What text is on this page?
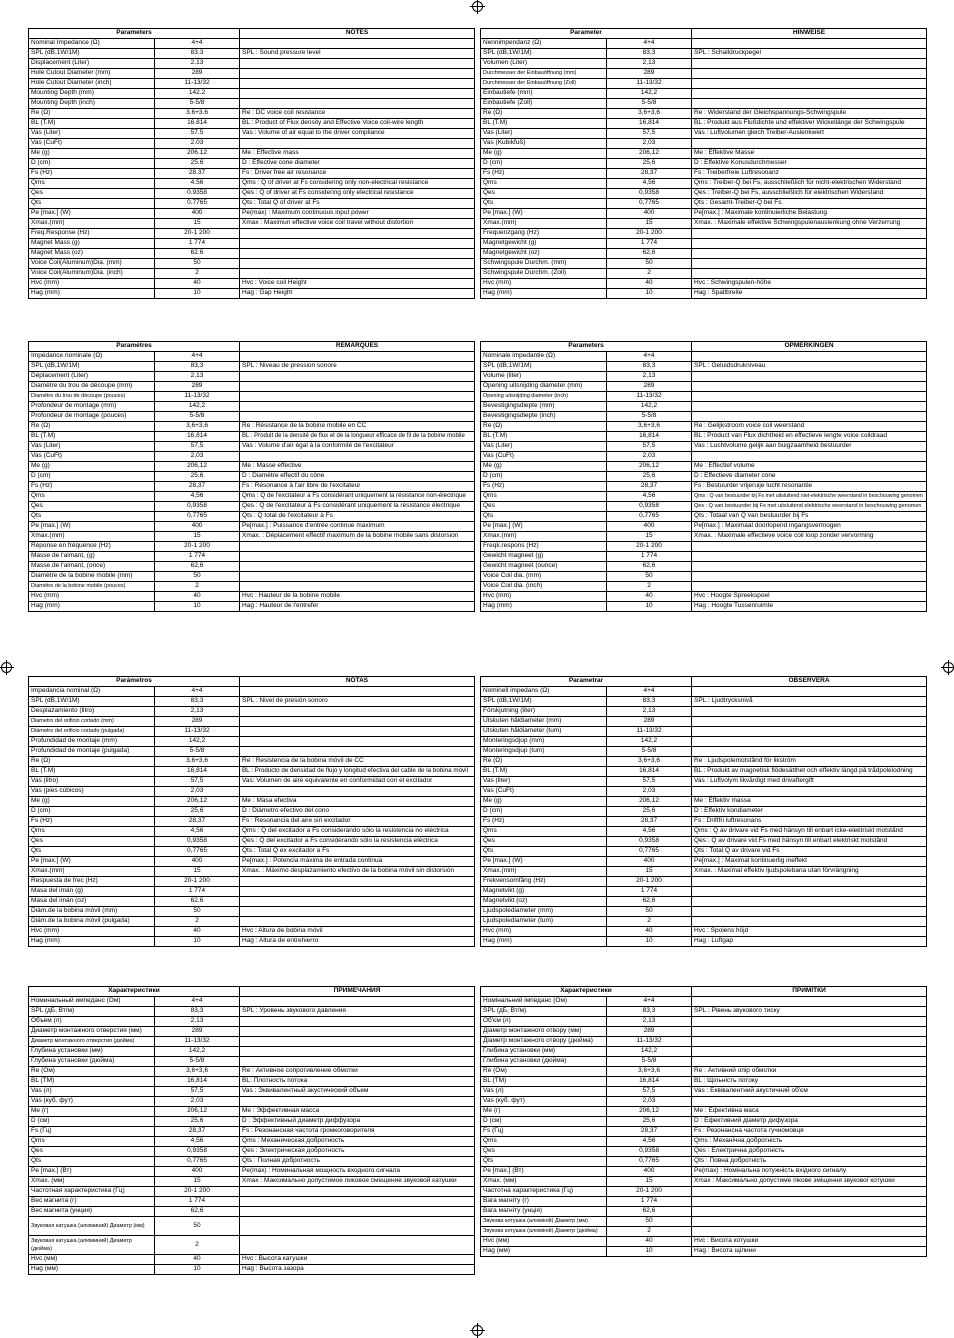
Parameters		NOTES
Nominal Impedance (Ω)	4+4	
SPL (dB,1W/1M)	83.3	SPL : Sound pressure level
Displacement (Liter)	2.13	
Hole Cutout Diameter (mm)	289	
Hole Cutout Diameter (inch)	11-13/32	
Mounting Depth (mm)	142.2	
Mounting Depth (inch)	5-5/8	
Re (Ω)	3.6+3.6	Re : DC voice coil resistance
BL (T.M)	16.814	BL : Product of Flux density and Effective Voice coil-wire length
Vas (Liter)	57.5	Vas : Volume of air equal to the driver compliance
Vas (CuFt)	2.03	
Me (g)	206.12	Me : Effective mass
D (cm)	25.6	D : Effective cone diameter
Fs (Hz)	28.37	Fs : Driver free air resonance
Qms	4.56	Qms : Q of driver at Fs considering only non-electrical resistance
Qes	0.9358	Qes : Q of driver at Fs considering only electrical resistance
Qts	0.7765	Qts : Total Q of driver at Fs
Pe [max.] (W)	400	Pe(max) : Maximum continuous input power
Xmax.(mm)	15	Xmax : Maximun effective voice coil travel without distortion
Freq.Response (Hz)	20-1 200	
Magnet Mass (g)	1 774	
Magnet Mass (oz)	62.6	
Voice Coil(Aluminum)Dia. (mm)	50	
Voice Coil(Aluminum)Dia. (inch)	2	
Hvc (mm)	40	Hvc : Voice coil Height
Hag (mm)	10	Hag : Gap Height
Parameter		HINWEISE
Nennimpendanz (Ω)	4+4	
SPL (dB,1W/1M)	83,3	SPL : Schalldruckpegel
Volumen (Liter)	2,13	
Durchmesser der Einbauöffnung (mm)	289	
Durchmesser der Einbauöffnung (Zoll)	11-13/32	
Einbautiefe (mm)	142,2	
Einbautiefe (Zoll)	5-5/8	
Re (Ω)	3,6+3,6	Re : Widerstand der Gleichspannungs-Schwingspule
BL (T.M)	16,814	BL : Produkt aus Flußdichte und effektiver Wickellänge der Schwingspule
Vas (Liter)	57,5	Vas : Luftvolumen gleich Treiber-Auslenkwert
Vas (Kubikfuß)	2,03	
Me (g)	206,12	Me : Effektive Masse
D (cm)	25,6	D : Effektive Konusdurchmesser
Fs (Hz)	28,37	Fs : Treiberfreie Luftresonanz
Qms	4,56	Qms : Treiber-Q bei Fs, ausschließlich für nicht-elektrischen Widerstand
Qes	0,9358	Qes : Treiber-Q bei Fs, ausschließlich für elektrischen Widerstand
Qts	0,7765	Qts : Gesamt-Treiber-Q bei Fs
Pe [max.] (W)	400	Pe[max.] : Maximale kontinuierliche Belastung
Xmax.(mm)	15	Xmax. : Maximale effektive Schwingspulenauslenkung ohne Verzerrung
Frequenzgang (Hz)	20-1 200	
Magnetgewicht (g)	1 774	
Magnetgewicht (oz)	62,6	
Schwingspule Durchm. (mm)	50	
Schwingspule Durchm. (Zoll)	2	
Hvc (mm)	40	Hvc : Schwingspulen-höhe
Hag (mm)	10	Hag : Spaltbreite
Paramètres		REMARQUES
Impédance nominale (Ω)	4+4	
SPL (dB,1W/1M)	83,3	SPL : Niveau de pression sonore
Déplacement (Liter)	2,13	
Diamètre du trou de découpe (mm)	289	
Diamètre du trou de découpe (pouces)	11-13/32	
Profondeur de montage (mm)	142,2	
Profondeur de montage (pouces)	5-5/8	
Re (Ω)	3,6+3,6	Re : Résistance de la bobine mobile en CC
BL (T.M)	16,814	BL : Produit de la densité de flux et de la longueur efficace de fil de la bobine mobile
Vas (Liter)	57,5	Vas : Volume d'air égal à la conformité de l'excitateur
Vas (CuFt)	2,03	
Me (g)	206,12	Me : Masse effective
D (cm)	25,6	D : Diamètre effectif du cône
Fs (Hz)	28,37	Fs : Résonance à l'air libre de l'excitateur
Qms	4,56	Qms : Q de l'excitateur à Fs considérant uniquement la résistance non-électrique
Qes	0,9358	Qes : Q de l'excitateur à Fs considérant uniquement la résistance électrique
Qts	0,7765	Qts : Q total de l'excitateur à Fs
Pe [max.] (W)	400	Pe[max.] : Puissance d'entrée continue maximum
Xmax.(mm)	15	Xmax. : Déplacement effectif maximum de la bobine mobile sans distorsion
Réponse en fréquence (Hz)	20-1 200	
Masse de l'aimant, (g)	1 774	
Masse de l'aimant, (once)	62,6	
Diamètre de la bobine mobile (mm)	50	
Diamètre de la bobine mobile (pouces)	2	
Hvc (mm)	40	Hvc : Hauteur de la bobine mobile
Hag (mm)	10	Hag : Hauteur de l'entrefer
Parameters		OPMERKINGEN
Nominale impedantie (Ω)	4+4	
SPL (dB,1W/1M)	83,3	SPL : Geluidsdrukniveau
Volume (liter)	2,13	
Opening uitsnijding diameter (mm)	289	
Opening uitsnijding diameter (inch)	11-13/32	
Bevestigingsdiepte (mm)	142,2	
Bevestigingsdiepte (inch)	5-5/8	
Re (Ω)	3,6+3,6	Re : Gelijkstroom voice coil weerstand
BL (T.M)	16,814	BL : Product van Flux dichtheid en effectieve lengte voice coildraad
Vas (Liter)	57,5	Vas : Luchtvolume gelijk aan buigzaamheid bestuurder
Vas (CuFt)	2,03	
Me (g)	206,12	Me : Effectief volume
D (cm)	25,6	D : Effectieve diameter cone
Fs (Hz)	28,37	Fs : Bestuurder vrijeruije lucht resonantie
Qms	4,56	Qms : Q van bestuurder bij Fs met uitsluitend niet-elektrische weerstand in beschouwing genomen
Qes	0,9358	Qes : Q van bestuurder bij Fs met uitsluitend elektrische weerstand in beschouwing genomen
Qts	0,7765	Qts : Totaal van Q van bestuurder bij Fs
Pe [max.] (W)	400	Pe[max.] : Maximaal doorlopend ingangsvermogen
Xmax.(mm)	15	Xmax. : Maximale effectieve voice coil loop zonder vervorming
Freqk.respons (Hz)	20-1 200	
Gewicht magneet (g)	1 774	
Gewicht magneet (ounce)	62,6	
Voice Coil dia. (mm)	50	
Voice Coil dia. (inch)	2	
Hvc (mm)	40	Hvc : Hoogte Spreekspoel
Hag (mm)	10	Hag : Hoogte Tussenruimte
Parámetros		NOTAS
Impedancia nominal (Ω)	4+4	
SPL (dB,1W/1M)	83,3	SPL : Nivel de presión sonoro
Desplazamiento (litro)	2,13	
Diametro del orificio cortado (mm)	289	
Diámetro del orificio cortado (pulgada)	11-13/32	
Profundidad de montaje (mm)	142,2	
Profundidad de montaje (pulgada)	5-5/8	
Re (Ω)	3,6+3,6	Re : Resistencia de la bobina móvil de CC
BL (T.M)	16,814	BL : Producto de densidad de flujo y longitud efectiva del cable de la bobina móvil
Vas (litro)	57,5	Vas: Volumen de aire equivalente en conformidad con el excitador
Vas (pies cúbicos)	2,03	
Me (g)	206,12	Me : Masa efectiva
D (cm)	25,6	D : Diámetro efectivo del cono
Fs (Hz)	28,37	Fs : Resonancia del aire sin excitador
Qms	4,56	Qms : Q del excitador a Fs considerando sólo la resistencia no eléctrica
Qes	0,9358	Qes : Q del excitador a Fs considerando sólo la resistencia eléctrica
Qts	0,7765	Qts : Total Q ex excitador a Fs
Pe [max.] (W)	400	Pe[max.] : Potencia máxima de entrada continua
Xmax.(mm)	15	Xmax. : Máximo desplazamiento efectivo de la bobina móvil sin distorsión
Respuesta de frec (Hz)	20-1 200	
Masa del imán (g)	1 774	
Masa del imán (oz)	62,6	
Diám.de la bobina móvil (mm)	50	
Diám.de la bobina móvil (pulgada)	2	
Hvc (mm)	40	Hvc : Altura de bobina móvil
Hag (mm)	10	Hag : Altura de entrehierro
Parametrar		OBSERVERA
Nominell impedans (Ω)	4+4	
SPL (dB,1W/1M)	83,3	SPL : Ljudtrycksnivå
Förskjutning (liter)	2,13	
Utskuten håldiameter (mm)	289	
Utskuten håldiameter (tum)	11-13/32	
Monteringsdjup (mm)	142,2	
Monteringsdjup (tum)	5-5/8	
Re (Ω)	3,6+3,6	Re : Ljudspolemotstånd för likström
BL (T.M)	16,814	BL : Produkt av magnetisk flödesätthet och effektiv längd på trådpolelodning
Vas (liter)	57,5	Vas : Luftvolym likvärdigt med drivaftergift
Vas (CuFt)	2,03	
Me (g)	206,12	Me : Effektiv massa
D (cm)	25,6	D : Effektiv kondiameter
Fs (Hz)	28,37	Fs : Driftfri luftresonans
Qms	4,56	Qms : Q av drivare vid Fs med hänsyn till enbart icke-elektriskt motstånd
Qes	0,9358	Qes : Q av drivare vid Fs med hänsyn till enbart elektriskt motstånd
Qts	0,7765	Qts : Total Q av drivare vid Fs
Pe [max.] (W)	400	Pe[max.] : Maximal kontinuerlig ineffekt
Xmax.(mm)	15	Xmax. : Maximal effektiv ljudspolebana utan förvrängning
Frekvensomfång (Hz)	20-1 200	
Magnetvikt (g)	1 774	
Magnetvikt (oz)	62,6	
Ljudspolediameter (mm)	50	
Ljudspolediameter (tum)	2	
Hvc (mm)	40	Hvc : Spolens höjd
Hag (mm)	10	Hag : Luftgap
Характеристики		ПРИМЕЧАНИЯ
Номинальный импеданс (Ом)	4+4	
SPL (дБ, Вт/м)	83,3	SPL : Уровень звукового давления
Объем (л)	2,13	
Диаметр монтажного отверстия (мм)	289	
Диаметр монтажного отверстия (дюйма)	11-13/32	
Глубина установки (мм)	142,2	
Глубина установки (дюйма)	5-5/8	
Re (Ом)	3,6+3,6	Re : Активное сопротивление обмотки
BL (TM)	16,814	BL: Плотность потока
Vas (л)	57,5	Vas : Эквивалентный акустический объем
Vas (куб. фут)	2,03	
Me (г)	206,12	Me : Эффективная масса
D (см)	25,6	D : Эффективный диаметр диффузора
Fs (Гц)	28,37	Fs : Резонансная частота громкоговорителя
Qms	4,56	Qms : Механическая добротность
Qes	0,9358	Qes : Электрическая добротность
Qts	0,7765	Qts : Полная добротность
Pe [max.] (Вт)	400	Pe(max) : Номинальная мощность входного сигнала
Xmax. (мм)	15	Xmax : Максимально допустимое пиковое смещение звуковой катушки
Частотная характеристика (Гц)	20-1 200	
Вес магнита (г)	1 774	
Вес магнита (унция)	62,6	
Звуковая катушка (алюминий) Диаметр (мм)	50	
Звуковая катушка (алюминий) Диаметр (дюйма)	2	
Hvc (мм)	40	Hvc : Высота катушки
Hag (мм)	10	Hag : Высота зазора
Характеристики		ПРИМІТКИ
Номінальний імпеданс (Ом)	4+4	
SPL (дБ, Вт/м)	83,3	SPL : Рівень звукового тиску
Об'єм (л)	2,13	
Діаметр монтажного отвору (мм)	289	
Діаметр монтажного отвору (дюйма)	11-13/32	
Глибина установки (мм)	142,2	
Глибина установки (дюйма)	5-5/8	
Re (Ом)	3,6+3,6	Re : Активний опір обмотки
BL (TM)	16,814	BL : Щільність потоку
Vas (л)	57,5	Vas : Еквівалентний акустичний об'єм
Vas (куб. фут)	2,03	
Me (г)	206,12	Me : Ефективна маса
D (см)	25,6	D : Ефективний діаметр дифузора
Fs (Гц)	28,37	Fs : Резонансна частота гучномовця
Qms	4,56	Qms : Механічна добротність
Qes	0,9358	Qes : Електрична добротність
Qts	0,7765	Qts : Повна добротність
Pe [max.] (Вт)	400	Pe(max) : Номінальна потужність вхідного сигналу
Xmax. (мм)	15	Xmax : Максимально допустиме пікове зміщення звукової котушки
Частотна характеристика (Гц)	20-1 200	
Вага магніту (г)	1 774	
Вага магніту (унція)	62,6	
Звукова котушка (алюміній) Діаметр (мм)	50	
Звукова котушка (алюміній) Діаметр (дюйма)	2	
Hvc (мм)	40	Hvc : Висота котушки
Hag (мм)	10	Hag : Висота щілини
